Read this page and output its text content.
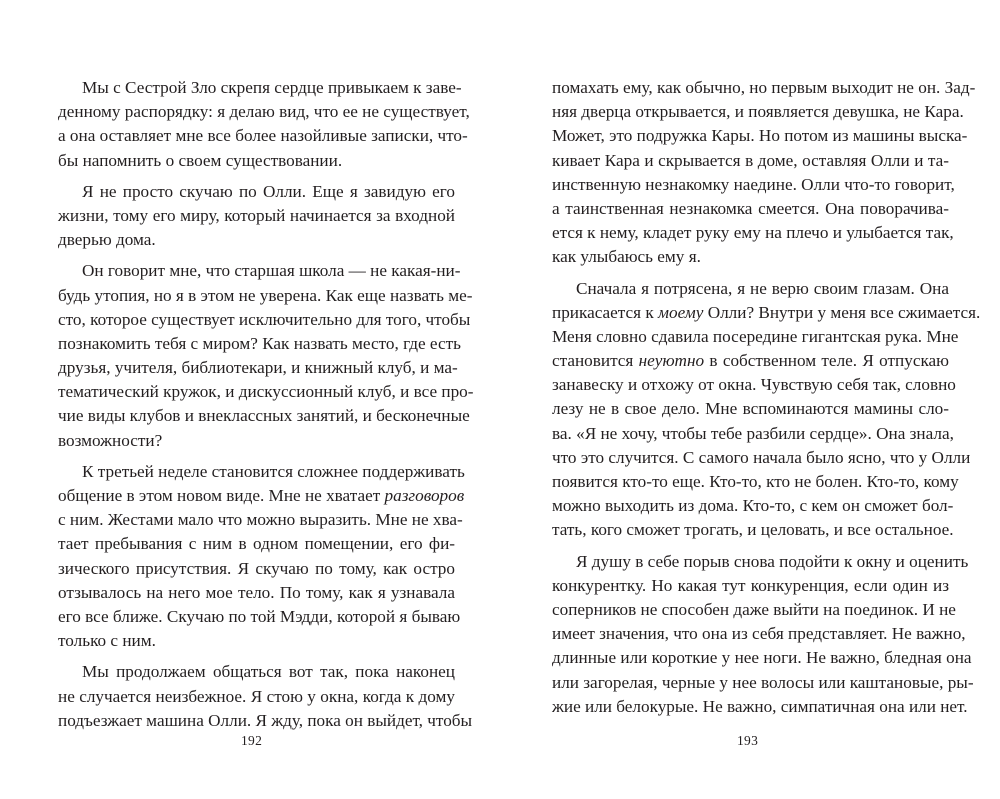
Мы с Сестрой Зло скрепя сердце привыкаем к заве-
денному распорядку: я делаю вид, что ее не существует,
а она оставляет мне все более назойливые записки, что-
бы напомнить о своем существовании.
Я не просто скучаю по Олли. Еще я завидую его
жизни, тому его миру, который начинается за входной
дверью дома.
Он говорит мне, что старшая школа — не какая-ни-
будь утопия, но я в этом не уверена. Как еще назвать ме-
сто, которое существует исключительно для того, чтобы
познакомить тебя с миром? Как назвать место, где есть
друзья, учителя, библиотекари, и книжный клуб, и ма-
тематический кружок, и дискуссионный клуб, и все про-
чие виды клубов и внеклассных занятий, и бесконечные
возможности?
К третьей неделе становится сложнее поддерживать
общение в этом новом виде. Мне не хватает разговоров
с ним. Жестами мало что можно выразить. Мне не хва-
тает пребывания с ним в одном помещении, его фи-
зического присутствия. Я скучаю по тому, как остро
отзывалось на него мое тело. По тому, как я узнавала
его все ближе. Скучаю по той Мэдди, которой я бываю
только с ним.
Мы продолжаем общаться вот так, пока наконец
не случается неизбежное. Я стою у окна, когда к дому
подъезжает машина Олли. Я жду, пока он выйдет, чтобы
192
помахать ему, как обычно, но первым выходит не он. Зад-
няя дверца открывается, и появляется девушка, не Кара.
Может, это подружка Кары. Но потом из машины выска-
кивает Кара и скрывается в доме, оставляя Олли и та-
инственную незнакомку наедине. Олли что-то говорит,
а таинственная незнакомка смеется. Она поворачива-
ется к нему, кладет руку ему на плечо и улыбается так,
как улыбаюсь ему я.
Сначала я потрясена, я не верю своим глазам. Она
прикасается к моему Олли? Внутри у меня все сжимается.
Меня словно сдавила посередине гигантская рука. Мне
становится неуютно в собственном теле. Я отпускаю
занавеску и отхожу от окна. Чувствую себя так, словно
лезу не в свое дело. Мне вспоминаются мамины сло-
ва. «Я не хочу, чтобы тебе разбили сердце». Она знала,
что это случится. С самого начала было ясно, что у Олли
появится кто-то еще. Кто-то, кто не болен. Кто-то, кому
можно выходить из дома. Кто-то, с кем он сможет бол-
тать, кого сможет трогать, и целовать, и все остальное.
Я душу в себе порыв снова подойти к окну и оценить
конкурентку. Но какая тут конкуренция, если один из
соперников не способен даже выйти на поединок. И не
имеет значения, что она из себя представляет. Не важно,
длинные или короткие у нее ноги. Не важно, бледная она
или загорелая, черные у нее волосы или каштановые, ры-
жие или белокурые. Не важно, симпатичная она или нет.
193
